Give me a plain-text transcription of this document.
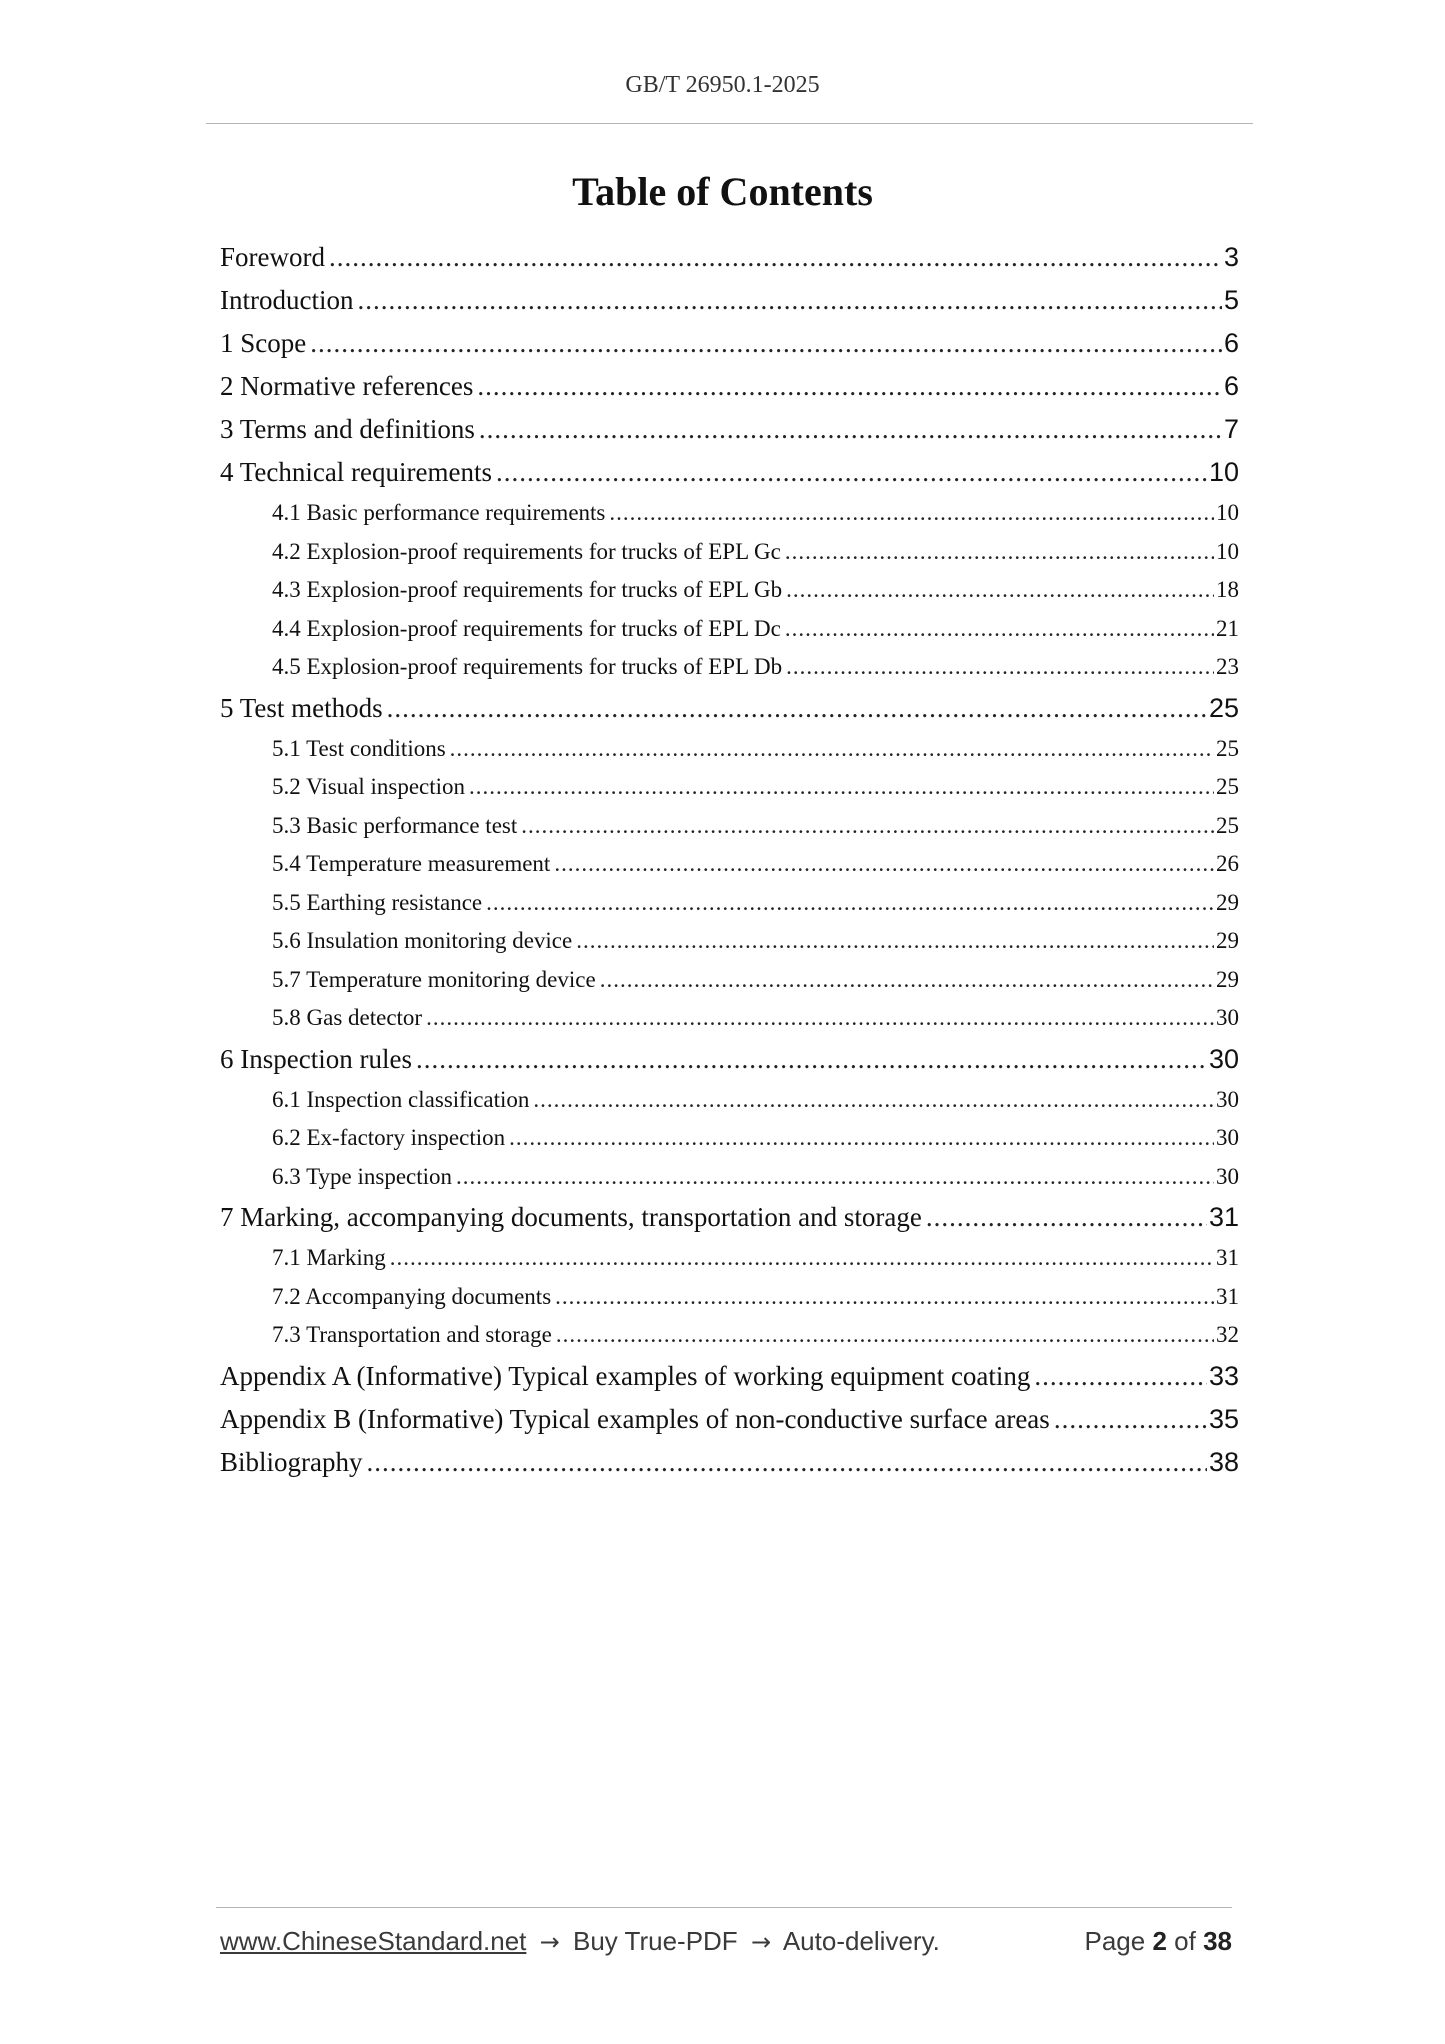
GB/T 26950.1-2025
Table of Contents
Foreword .....	3
Introduction .....	5
1 Scope .....	6
2 Normative references .....	6
3 Terms and definitions .....	7
4 Technical requirements .....	10
4.1 Basic performance requirements .....	10
4.2 Explosion-proof requirements for trucks of EPL Gc .....	10
4.3 Explosion-proof requirements for trucks of EPL Gb .....	18
4.4 Explosion-proof requirements for trucks of EPL Dc .....	21
4.5 Explosion-proof requirements for trucks of EPL Db .....	23
5 Test methods .....	25
5.1 Test conditions .....	25
5.2 Visual inspection .....	25
5.3 Basic performance test .....	25
5.4 Temperature measurement .....	26
5.5 Earthing resistance .....	29
5.6 Insulation monitoring device .....	29
5.7 Temperature monitoring device .....	29
5.8 Gas detector .....	30
6 Inspection rules .....	30
6.1 Inspection classification .....	30
6.2 Ex-factory inspection .....	30
6.3 Type inspection .....	30
7 Marking, accompanying documents, transportation and storage .....	31
7.1 Marking .....	31
7.2 Accompanying documents .....	31
7.3 Transportation and storage .....	32
Appendix A (Informative) Typical examples of working equipment coating .....	33
Appendix B (Informative) Typical examples of non-conductive surface areas .....	35
Bibliography .....	38
www.ChineseStandard.net → Buy True-PDF → Auto-delivery.	Page 2 of 38
